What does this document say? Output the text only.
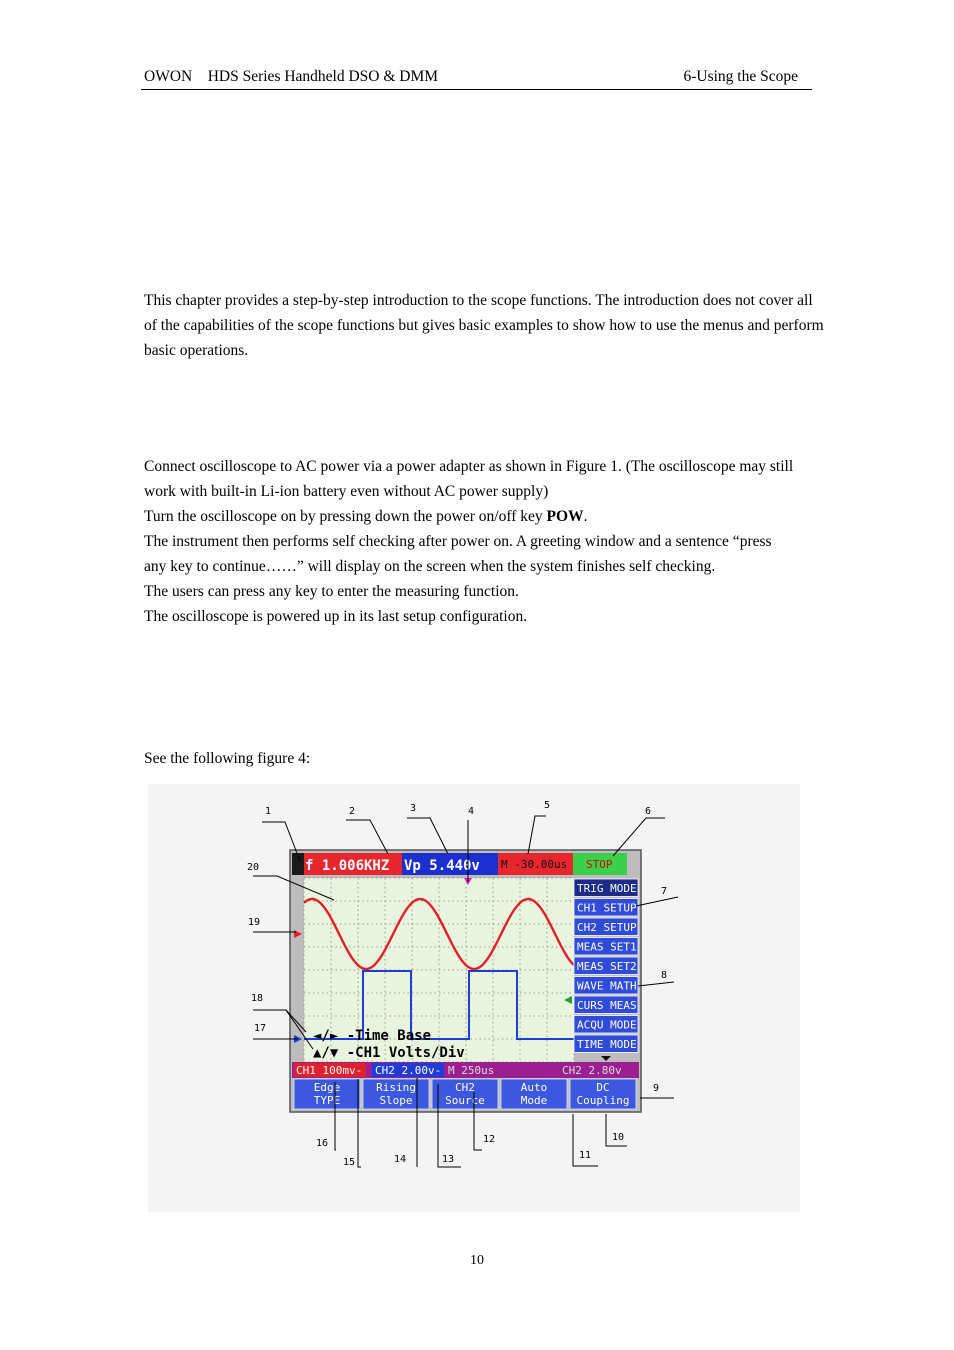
OWON    HDS Series Handheld DSO & DMM	6-Using the Scope

This chapter provides a step-by-step introduction to the scope functions. The introduction does not cover all of the capabilities of the scope functions but gives basic examples to show how to use the menus and perform basic operations.

Connect oscilloscope to AC power via a power adapter as shown in Figure 1. (The oscilloscope may still work with built-in Li-ion battery even without AC power supply)

Turn the oscilloscope on by pressing down the power on/off key POW.

The instrument then performs self checking after power on. A greeting window and a sentence “press any key to continue……” will display on the screen when the system finishes self checking.

The users can press any key to enter the measuring function.

The oscilloscope is powered up in its last setup configuration.

See the following figure 4:
f 1.006KHZ Vp 5.440v M -30.00us STOP
◄/► -Time Base
▲/▼ -CH1 Volts/Div
TRIG MODE
CH1 SETUP
CH2 SETUP
MEAS SET1
MEAS SET2
WAVE MATH
CURS MEAS
ACQU MODE
TIME MODE
CH1 100mv- CH2 2.00v- M 250us	CH2 2.80v
Edge
TYPE
Rising
Slope
CH2
Source
Auto
Mode
DC
Coupling
1	2	3	4
5
6
7
8
9
10
11
12
13
14
15
16
17
18
19
20
10
